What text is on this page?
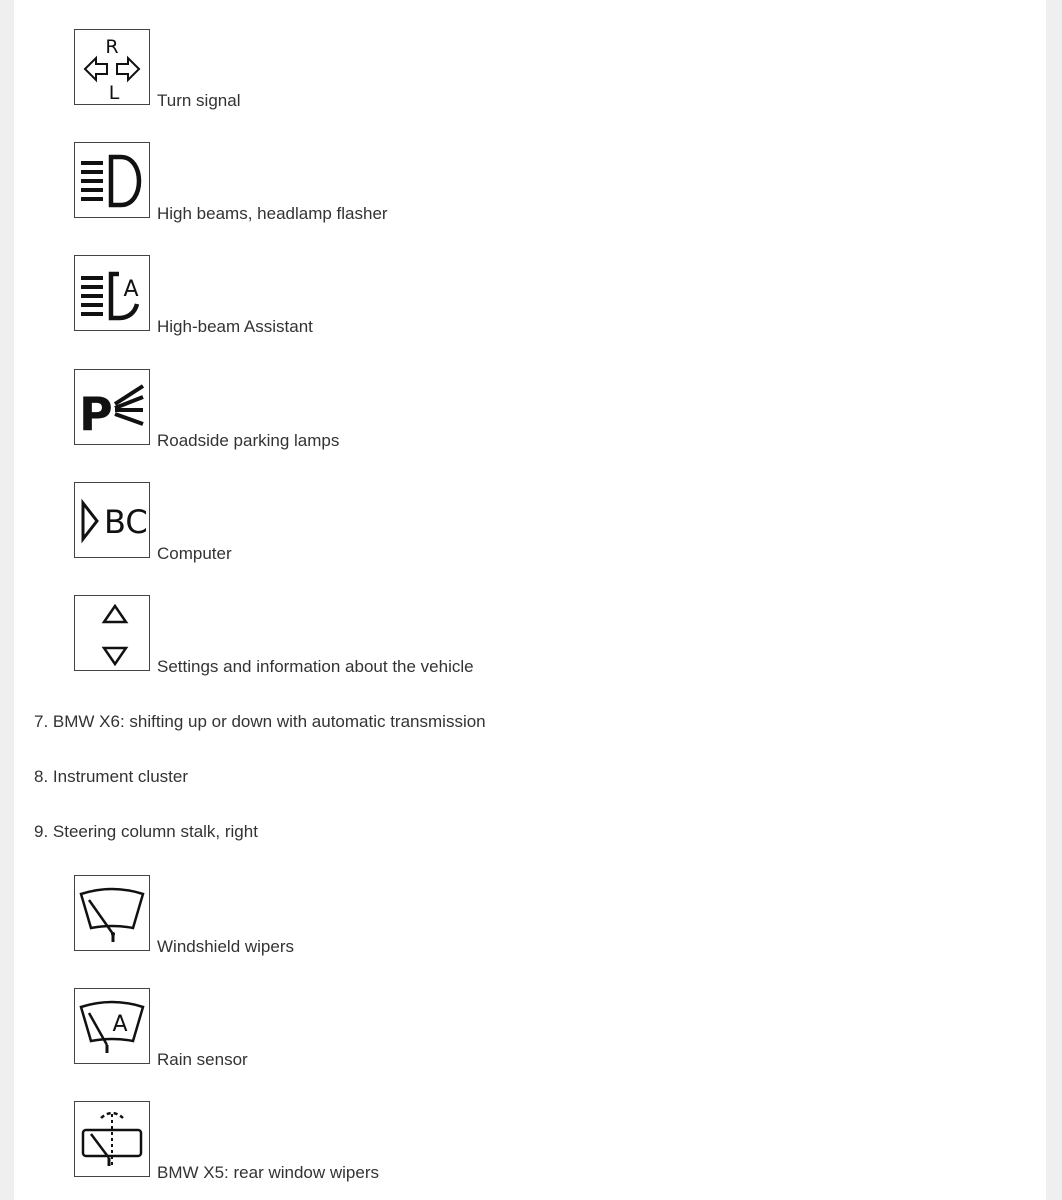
R
L Turn signal
High beams, headlamp flasher
A
High-beam Assistant
P	Roadside parking lamps
BC
Computer
Settings and information about the vehicle
7. BMW X6: shifting up or down with automatic transmission
8. Instrument cluster
9. Steering column stalk, right
Windshield wipers
A
Rain sensor
BMW X5: rear window wipers
